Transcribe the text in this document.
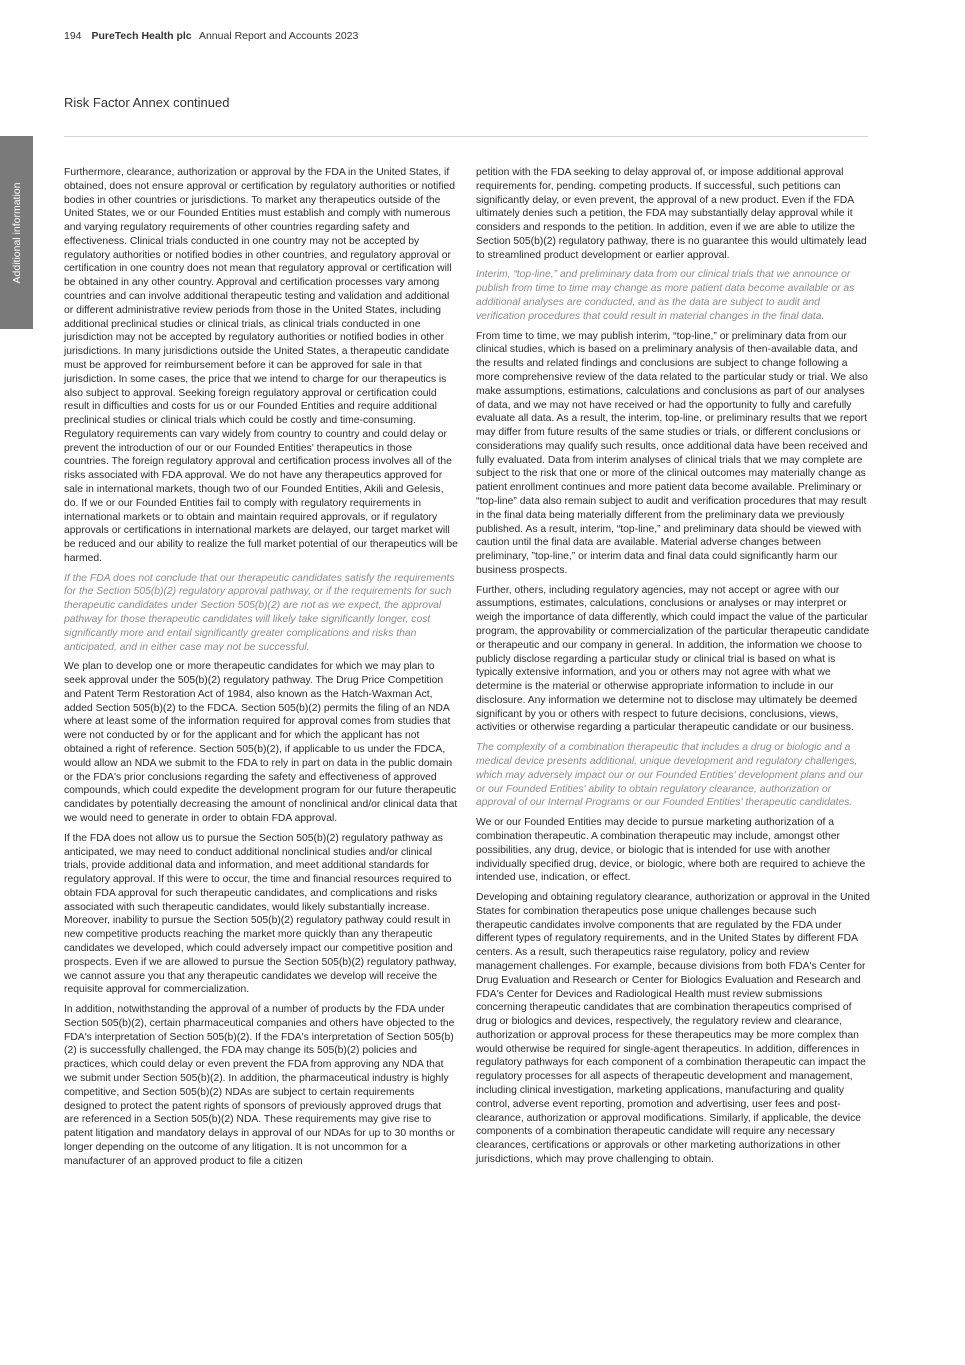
194 PureTech Health plc Annual Report and Accounts 2023
Risk Factor Annex continued
Additional information

Furthermore, clearance, authorization or approval by the FDA in the United States, if obtained, does not ensure approval or certification by regulatory authorities or notified bodies in other countries or jurisdictions. To market any therapeutics outside of the United States, we or our Founded Entities must establish and comply with numerous and varying regulatory requirements of other countries regarding safety and effectiveness. Clinical trials conducted in one country may not be accepted by regulatory authorities or notified bodies in other countries, and regulatory approval or certification in one country does not mean that regulatory approval or certification will be obtained in any other country. Approval and certification processes vary among countries and can involve additional therapeutic testing and validation and additional or different administrative review periods from those in the United States, including additional preclinical studies or clinical trials, as clinical trials conducted in one jurisdiction may not be accepted by regulatory authorities or notified bodies in other jurisdictions. In many jurisdictions outside the United States, a therapeutic candidate must be approved for reimbursement before it can be approved for sale in that jurisdiction. In some cases, the price that we intend to charge for our therapeutics is also subject to approval. Seeking foreign regulatory approval or certification could result in difficulties and costs for us or our Founded Entities and require additional preclinical studies or clinical trials which could be costly and time-consuming. Regulatory requirements can vary widely from country to country and could delay or prevent the introduction of our or our Founded Entities' therapeutics in those countries. The foreign regulatory approval and certification process involves all of the risks associated with FDA approval. We do not have any therapeutics approved for sale in international markets, though two of our Founded Entities, Akili and Gelesis, do. If we or our Founded Entities fail to comply with regulatory requirements in international markets or to obtain and maintain required approvals, or if regulatory approvals or certifications in international markets are delayed, our target market will be reduced and our ability to realize the full market potential of our therapeutics will be harmed.

If the FDA does not conclude that our therapeutic candidates satisfy the requirements for the Section 505(b)(2) regulatory approval pathway, or if the requirements for such therapeutic candidates under Section 505(b)(2) are not as we expect, the approval pathway for those therapeutic candidates will likely take significantly longer, cost significantly more and entail significantly greater complications and risks than anticipated, and in either case may not be successful.

We plan to develop one or more therapeutic candidates for which we may plan to seek approval under the 505(b)(2) regulatory pathway. The Drug Price Competition and Patent Term Restoration Act of 1984, also known as the Hatch-Waxman Act, added Section 505(b)(2) to the FDCA. Section 505(b)(2) permits the filing of an NDA where at least some of the information required for approval comes from studies that were not conducted by or for the applicant and for which the applicant has not obtained a right of reference. Section 505(b)(2), if applicable to us under the FDCA, would allow an NDA we submit to the FDA to rely in part on data in the public domain or the FDA's prior conclusions regarding the safety and effectiveness of approved compounds, which could expedite the development program for our future therapeutic candidates by potentially decreasing the amount of nonclinical and/or clinical data that we would need to generate in order to obtain FDA approval.

If the FDA does not allow us to pursue the Section 505(b)(2) regulatory pathway as anticipated, we may need to conduct additional nonclinical studies and/or clinical trials, provide additional data and information, and meet additional standards for regulatory approval. If this were to occur, the time and financial resources required to obtain FDA approval for such therapeutic candidates, and complications and risks associated with such therapeutic candidates, would likely substantially increase. Moreover, inability to pursue the Section 505(b)(2) regulatory pathway could result in new competitive products reaching the market more quickly than any therapeutic candidates we developed, which could adversely impact our competitive position and prospects. Even if we are allowed to pursue the Section 505(b)(2) regulatory pathway, we cannot assure you that any therapeutic candidates we develop will receive the requisite approval for commercialization.

In addition, notwithstanding the approval of a number of products by the FDA under Section 505(b)(2), certain pharmaceutical companies and others have objected to the FDA's interpretation of Section 505(b)(2). If the FDA's interpretation of Section 505(b)(2) is successfully challenged, the FDA may change its 505(b)(2) policies and practices, which could delay or even prevent the FDA from approving any NDA that we submit under Section 505(b)(2). In addition, the pharmaceutical industry is highly competitive, and Section 505(b)(2) NDAs are subject to certain requirements designed to protect the patent rights of sponsors of previously approved drugs that are referenced in a Section 505(b)(2) NDA. These requirements may give rise to patent litigation and mandatory delays in approval of our NDAs for up to 30 months or longer depending on the outcome of any litigation. It is not uncommon for a manufacturer of an approved product to file a citizen

petition with the FDA seeking to delay approval of, or impose additional approval requirements for, pending. competing products. If successful, such petitions can significantly delay, or even prevent, the approval of a new product. Even if the FDA ultimately denies such a petition, the FDA may substantially delay approval while it considers and responds to the petition. In addition, even if we are able to utilize the Section 505(b)(2) regulatory pathway, there is no guarantee this would ultimately lead to streamlined product development or earlier approval.

Interim, “top-line,” and preliminary data from our clinical trials that we announce or publish from time to time may change as more patient data become available or as additional analyses are conducted, and as the data are subject to audit and verification procedures that could result in material changes in the final data.

From time to time, we may publish interim, “top-line,” or preliminary data from our clinical studies, which is based on a preliminary analysis of then-available data, and the results and related findings and conclusions are subject to change following a more comprehensive review of the data related to the particular study or trial. We also make assumptions, estimations, calculations and conclusions as part of our analyses of data, and we may not have received or had the opportunity to fully and carefully evaluate all data. As a result, the interim, top-line, or preliminary results that we report may differ from future results of the same studies or trials, or different conclusions or considerations may qualify such results, once additional data have been received and fully evaluated. Data from interim analyses of clinical trials that we may complete are subject to the risk that one or more of the clinical outcomes may materially change as patient enrollment continues and more patient data become available. Preliminary or “top-line” data also remain subject to audit and verification procedures that may result in the final data being materially different from the preliminary data we previously published. As a result, interim, “top-line,” and preliminary data should be viewed with caution until the final data are available. Material adverse changes between preliminary, ”top-line,” or interim data and final data could significantly harm our business prospects.

Further, others, including regulatory agencies, may not accept or agree with our assumptions, estimates, calculations, conclusions or analyses or may interpret or weigh the importance of data differently, which could impact the value of the particular program, the approvability or commercialization of the particular therapeutic candidate or therapeutic and our company in general. In addition, the information we choose to publicly disclose regarding a particular study or clinical trial is based on what is typically extensive information, and you or others may not agree with what we determine is the material or otherwise appropriate information to include in our disclosure. Any information we determine not to disclose may ultimately be deemed significant by you or others with respect to future decisions, conclusions, views, activities or otherwise regarding a particular therapeutic candidate or our business.

The complexity of a combination therapeutic that includes a drug or biologic and a medical device presents additional, unique development and regulatory challenges, which may adversely impact our or our Founded Entities' development plans and our or our Founded Entities' ability to obtain regulatory clearance, authorization or approval of our Internal Programs or our Founded Entities' therapeutic candidates.

We or our Founded Entities may decide to pursue marketing authorization of a combination therapeutic. A combination therapeutic may include, amongst other possibilities, any drug, device, or biologic that is intended for use with another individually specified drug, device, or biologic, where both are required to achieve the intended use, indication, or effect.

Developing and obtaining regulatory clearance, authorization or approval in the United States for combination therapeutics pose unique challenges because such therapeutic candidates involve components that are regulated by the FDA under different types of regulatory requirements, and in the United States by different FDA centers. As a result, such therapeutics raise regulatory, policy and review management challenges. For example, because divisions from both FDA's Center for Drug Evaluation and Research or Center for Biologics Evaluation and Research and FDA's Center for Devices and Radiological Health must review submissions concerning therapeutic candidates that are combination therapeutics comprised of drug or biologics and devices, respectively, the regulatory review and clearance, authorization or approval process for these therapeutics may be more complex than would otherwise be required for single-agent therapeutics. In addition, differences in regulatory pathways for each component of a combination therapeutic can impact the regulatory processes for all aspects of therapeutic development and management, including clinical investigation, marketing applications, manufacturing and quality control, adverse event reporting, promotion and advertising, user fees and post-clearance, authorization or approval modifications. Similarly, if applicable, the device components of a combination therapeutic candidate will require any necessary clearances, certifications or approvals or other marketing authorizations in other jurisdictions, which may prove challenging to obtain.
